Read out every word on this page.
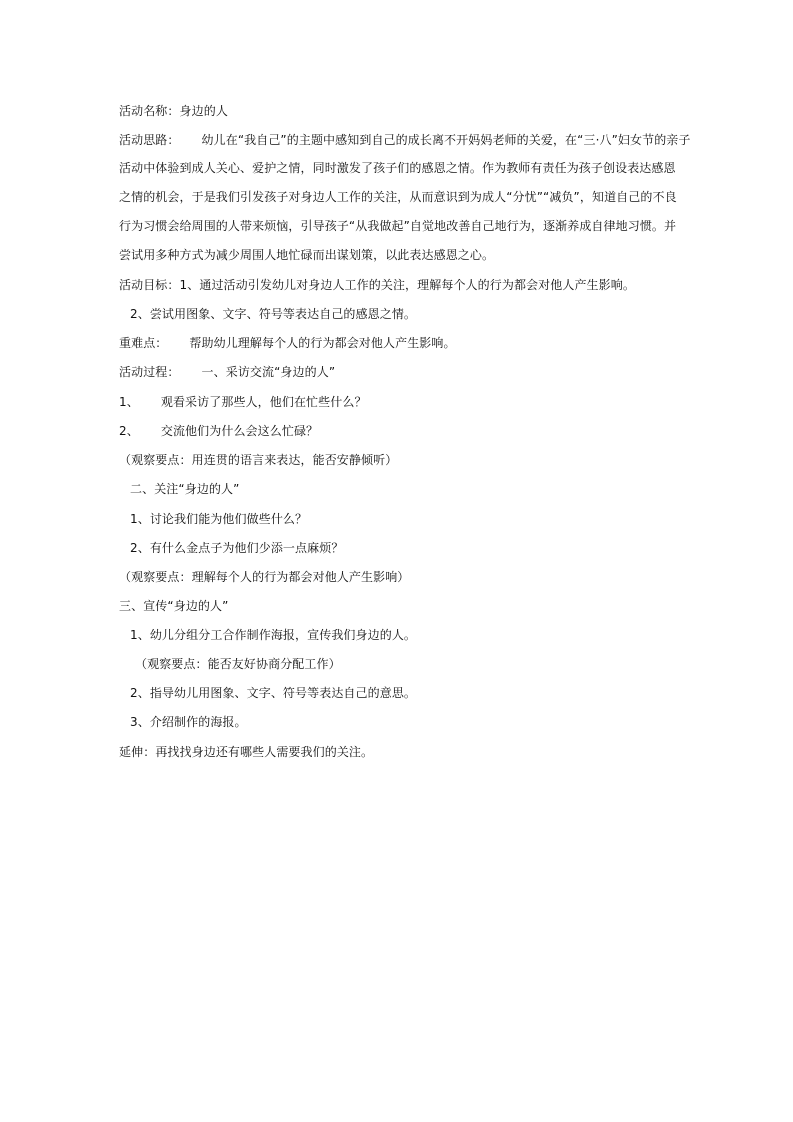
活动名称：身边的人
活动思路： 幼儿在“我自己”的主题中感知到自己的成长离不开妈妈老师的关爱，在“三·八”妇女节的亲子
活动中体验到成人关心、爱护之情，同时激发了孩子们的感恩之情。作为教师有责任为孩子创设表达感恩
之情的机会，于是我们引发孩子对身边人工作的关注，从而意识到为成人“分忧”“减负”，知道自己的不良
行为习惯会给周围的人带来烦恼，引导孩子“从我做起”自觉地改善自己地行为，逐渐养成自律地习惯。并
尝试用多种方式为减少周围人地忙碌而出谋划策，以此表达感恩之心。
活动目标：1、通过活动引发幼儿对身边人工作的关注，理解每个人的行为都会对他人产生影响。
2、尝试用图象、文字、符号等表达自己的感恩之情。
重难点： 帮助幼儿理解每个人的行为都会对他人产生影响。
活动过程： 一、采访交流“身边的人”
1、 观看采访了那些人，他们在忙些什么？
2、 交流他们为什么会这么忙碌？
（观察要点：用连贯的语言来表达，能否安静倾听）
二、关注“身边的人”
1、讨论我们能为他们做些什么？
2、有什么金点子为他们少添一点麻烦？
（观察要点：理解每个人的行为都会对他人产生影响）
三、宣传“身边的人”
1、幼儿分组分工合作制作海报，宣传我们身边的人。
（观察要点：能否友好协商分配工作）
2、指导幼儿用图象、文字、符号等表达自己的意思。
3、介绍制作的海报。
延伸：再找找身边还有哪些人需要我们的关注。
